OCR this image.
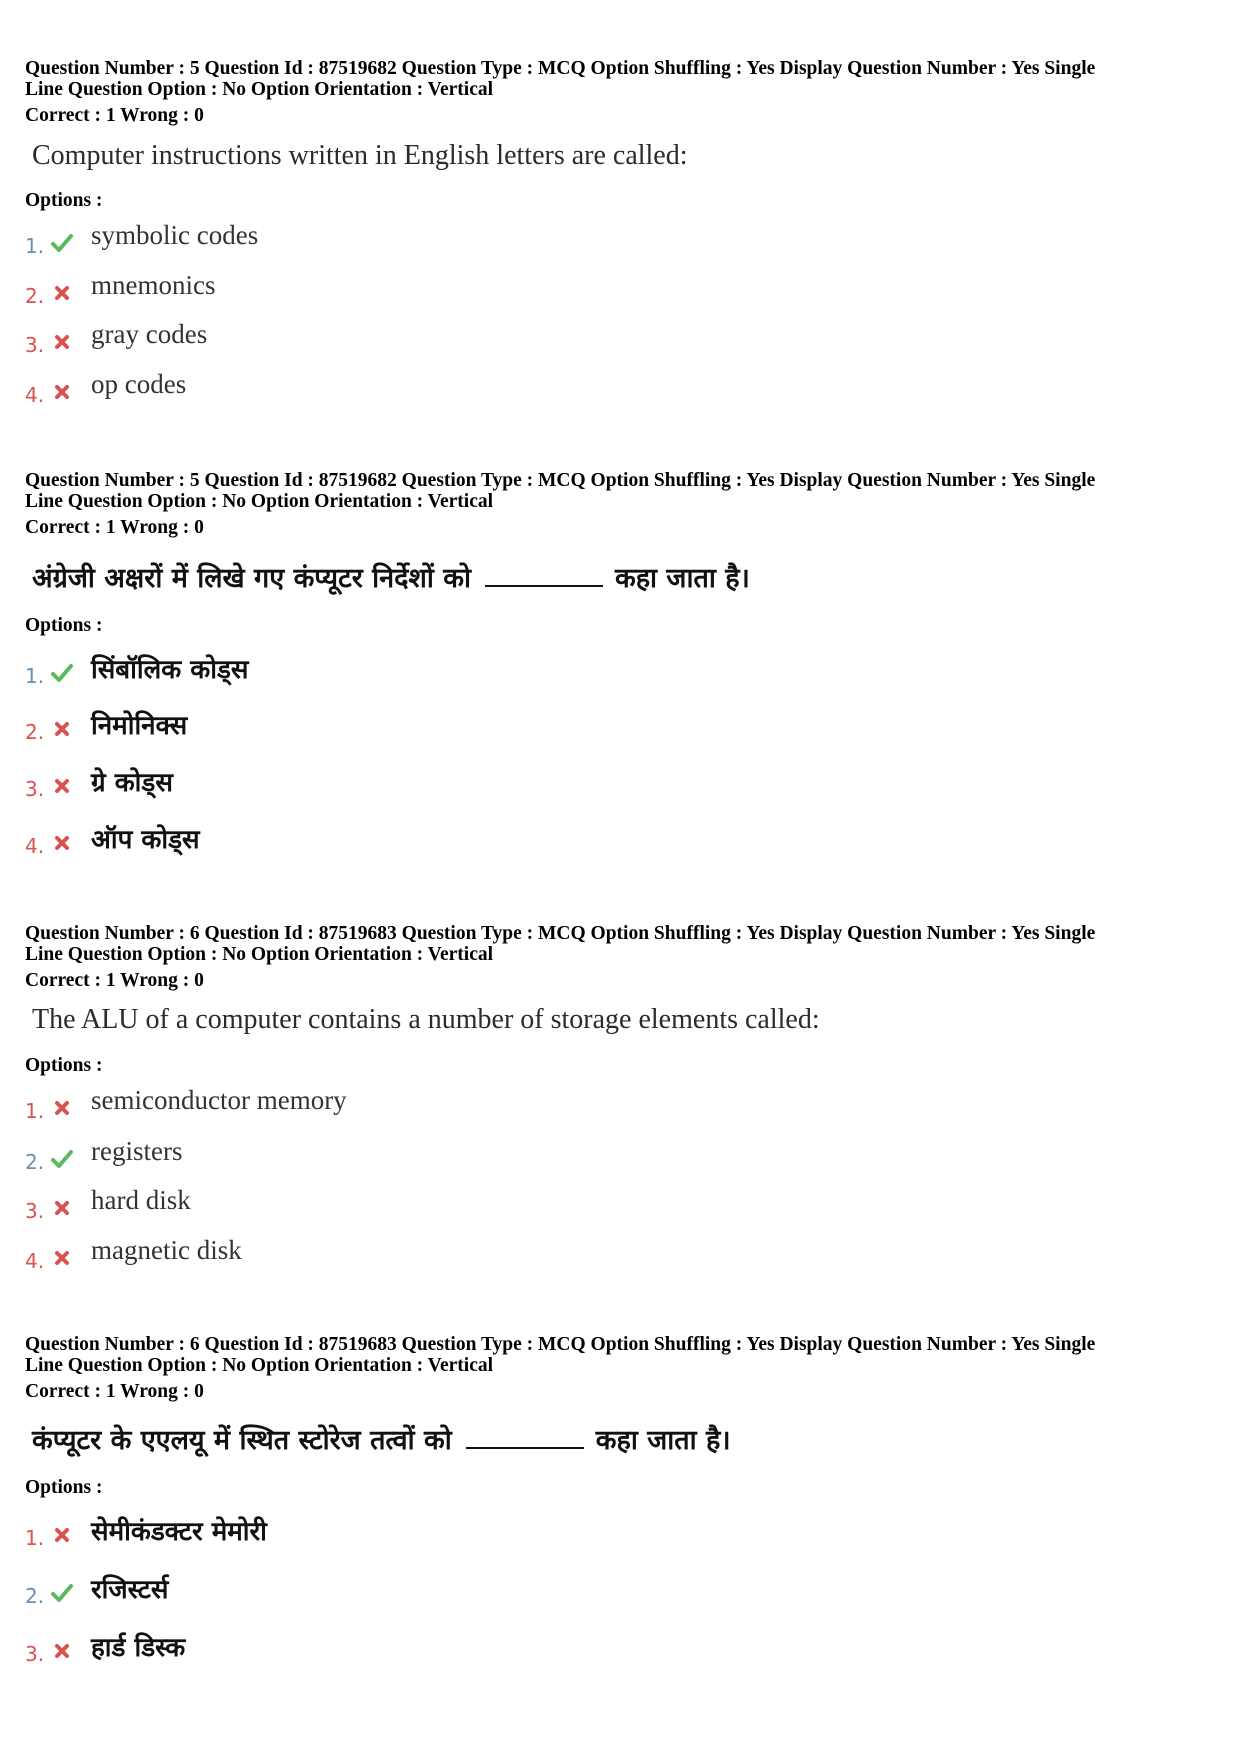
Question Number : 5 Question Id : 87519682 Question Type : MCQ Option Shuffling : Yes Display Question Number : Yes Single

Line Question Option : No Option Orientation : Vertical

Correct : 1 Wrong : 0
Computer instructions written in English letters are called:
Options :
1. symbolic codes
2. mnemonics
3. gray codes
4. op codes

Question Number : 5 Question Id : 87519682 Question Type : MCQ Option Shuffling : Yes Display Question Number : Yes Single

Line Question Option : No Option Orientation : Vertical

Correct : 1 Wrong : 0
अंग्रेजी अक्षरों में लिखे गए कंप्यूटर निर्देशों को	कहा जाता है।
Options :
1. सिंबॉलिक कोड्स
2. निमोनिक्स
3. ग्रे कोड्स
4. ऑप कोड्स

Question Number : 6 Question Id : 87519683 Question Type : MCQ Option Shuffling : Yes Display Question Number : Yes Single

Line Question Option : No Option Orientation : Vertical

Correct : 1 Wrong : 0
The ALU of a computer contains a number of storage elements called:
Options :
1. semiconductor memory
2. registers
3. hard disk
4. magnetic disk

Question Number : 6 Question Id : 87519683 Question Type : MCQ Option Shuffling : Yes Display Question Number : Yes Single

Line Question Option : No Option Orientation : Vertical

Correct : 1 Wrong : 0
कंप्यूटर के एएलयू में स्थित स्टोरेज तत्वों को	कहा जाता है।
Options :
1. सेमीकंडक्टर मेमोरी
2. रजिस्टर्स
3. हार्ड डिस्क
